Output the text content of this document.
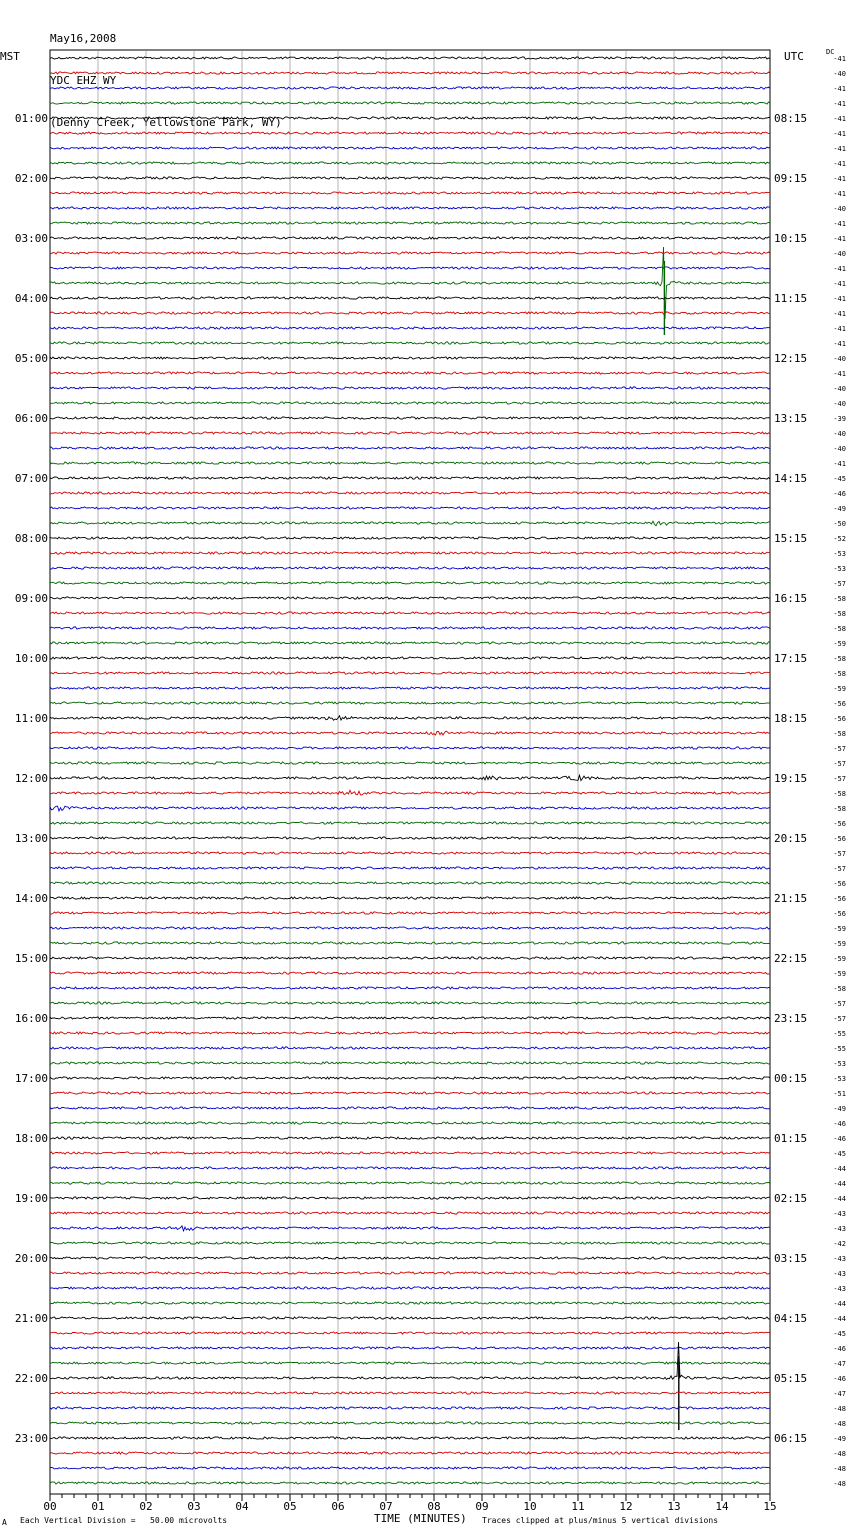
May16,2008

YDC EHZ WY

(Denny Creek, Yellowstone Park, WY)

MST	UTC	DC
-41
-40
-41
-41
-41
-41
-41
-41
-41
-41
-40
-41
-41
-40
-41
-41
-41
-41
-41
-41
-40
-41
-40
-40
-39
-40
-40
-41
-45
-46
-49
-50
-52
-53
-53
-57
-58
-58
-58
-59
-58
-58
-59
-56
-56
-58
-57
-57
-57
-58
-58
-56
-56
-57
-57
-56
-56
-56
-59
-59
-59
-59
-58
-57
-57
-55
-55
-53
-53
-51
-49
-46
-46
-45
-44
-44
-44
-43
-43
-42
-43
-43
-43
-44
-44
-45
-46
-47
-46
-47
-48
-48
-49
-48
-48
-48
01:00	08:15
02:00	09:15
03:00	10:15
04:00	11:15
05:00	12:15
06:00	13:15
07:00	14:15
08:00	15:15
09:00	16:15
10:00	17:15
11:00	18:15
12:00	19:15
13:00	20:15
14:00	21:15
15:00	22:15
16:00	23:15
17:00	00:15
18:00	01:15
19:00	02:15
20:00	03:15
21:00	04:15
22:00	05:15
23:00	06:15
00	01	02	03	04	05	06	07	08	09	10	11	12	13	14	15
A Each Vertical Division =   50.00 microvolts	TIME (MINUTES) Traces clipped at plus/minus 5 vertical divisions
